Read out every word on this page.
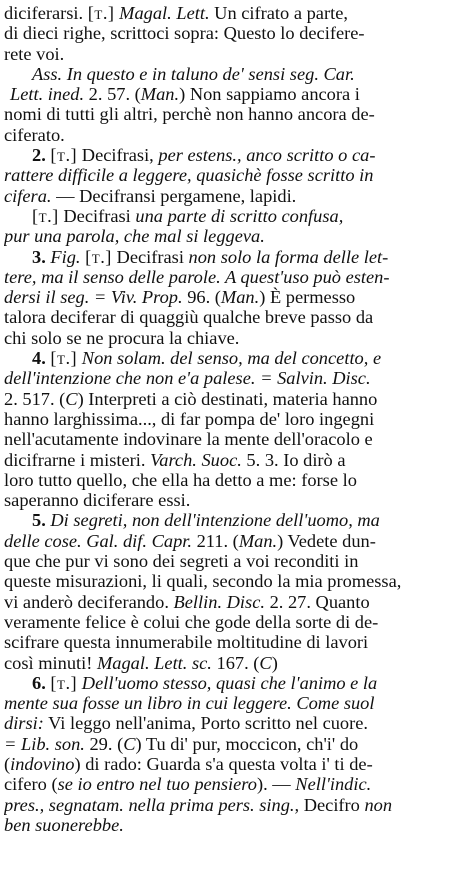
diciferarsi. [t.] Magal. Lett. Un cifrato a parte,
di dieci righe, scrittoci sopra: Questo lo decifere-
rete voi.
Ass. In questo e in taluno de' sensi seg. Car.
Lett. ined. 2. 57. (Man.) Non sappiamo ancora i
nomi di tutti gli altri, perchè non hanno ancora de-
ciferato.
2. [t.] Decifrasi, per estens., anco scritto o ca-
rattere difficile a leggere, quasichè fosse scritto in
cifera. — Decifransi pergamene, lapidi.
[t.] Decifrasi una parte di scritto confusa,
pur una parola, che mal si leggeva.
3. Fig. [t.] Decifrasi non solo la forma delle let-
tere, ma il senso delle parole. A quest'uso può esten-
dersi il seg. = Viv. Prop. 96. (Man.) È permesso
talora deciferar di quaggiù qualche breve passo da
chi solo se ne procura la chiave.
4. [t.] Non solam. del senso, ma del concetto, e
dell'intenzione che non e'a palese. = Salvin. Disc.
2. 517. (C) Interpreti a ciò destinati, materia hanno
hanno larghissima..., di far pompa de' loro ingegni
nell'acutamente indovinare la mente dell'oracolo e
dicifrarne i misteri. Varch. Suoc. 5. 3. Io dirò a
loro tutto quello, che ella ha detto a me: forse lo
saperanno diciferare essi.
5. Di segreti, non dell'intenzione dell'uomo, ma
delle cose. Gal. dif. Capr. 211. (Man.) Vedete dun-
que che pur vi sono dei segreti a voi reconditi in
queste misurazioni, li quali, secondo la mia promessa,
vi anderò deciferando. Bellin. Disc. 2. 27. Quanto
veramente felice è colui che gode della sorte di de-
scifrare questa innumerabile moltitudine di lavori
così minuti! Magal. Lett. sc. 167. (C)
6. [t.] Dell'uomo stesso, quasi che l'animo e la
mente sua fosse un libro in cui leggere. Come suol
dirsi: Vi leggo nell'anima, Porto scritto nel cuore.
= Lib. son. 29. (C) Tu di' pur, moccicon, ch'i' do
(indovino) di rado: Guarda s'a questa volta i' ti de-
cifero (se io entro nel tuo pensiero). — Nell'indic.
pres., segnatam. nella prima pers. sing., Decifro non
ben suonerebbe.
